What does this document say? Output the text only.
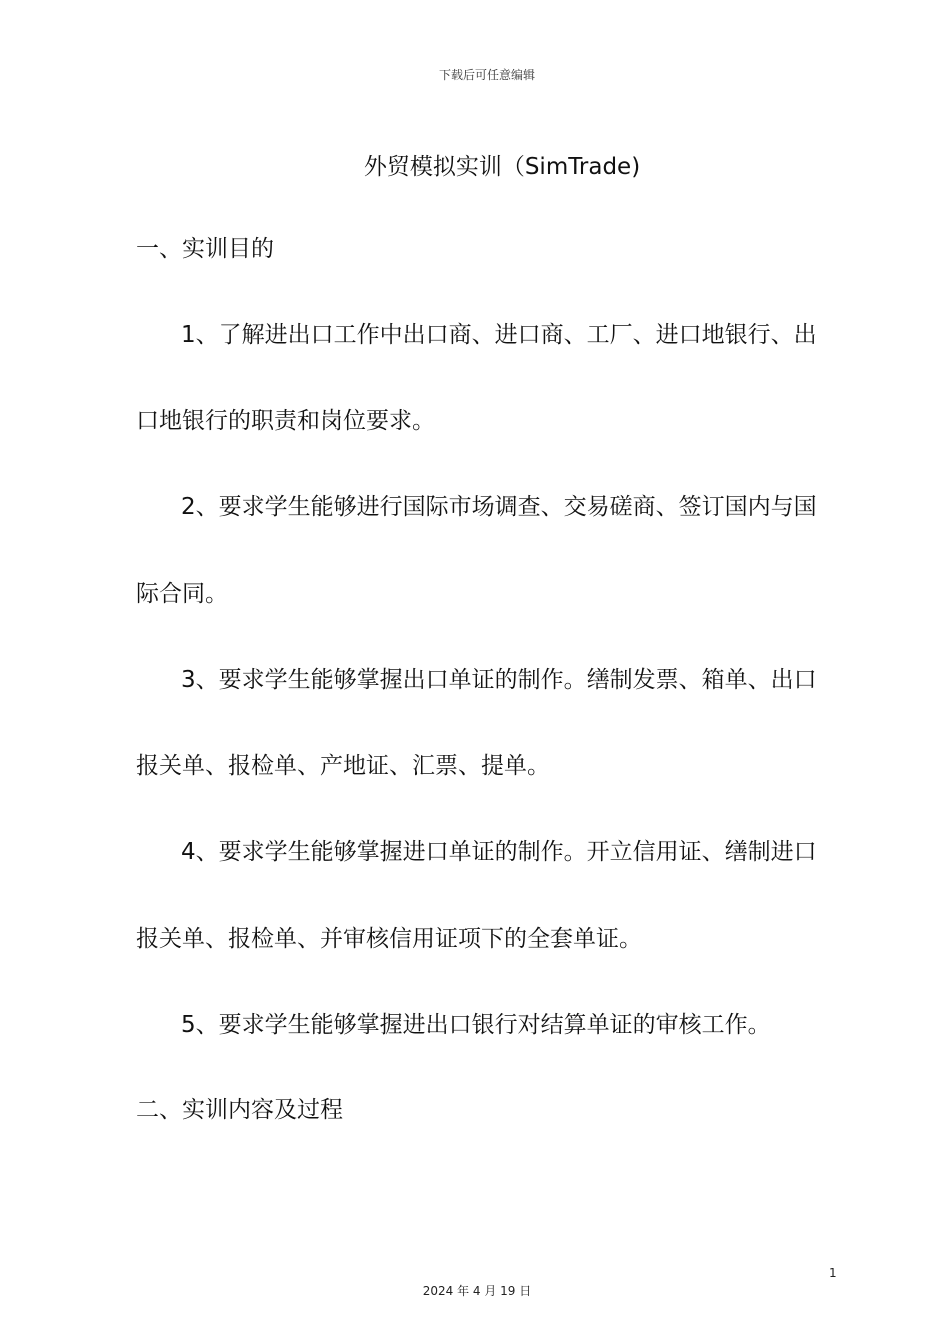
下载后可任意编辑
外贸模拟实训（SimTrade)

一、实训目的

1、了解进出口工作中出口商、进口商、工厂、进口地银行、出

口地银行的职责和岗位要求。

2、要求学生能够进行国际市场调查、交易磋商、签订国内与国

际合同。

3、要求学生能够掌握出口单证的制作。缮制发票、箱单、出口

报关单、报检单、产地证、汇票、提单。

4、要求学生能够掌握进口单证的制作。开立信用证、缮制进口

报关单、报检单、并审核信用证项下的全套单证。

5、要求学生能够掌握进出口银行对结算单证的审核工作。

二、实训内容及过程

1
2024 年 4 月 19 日
